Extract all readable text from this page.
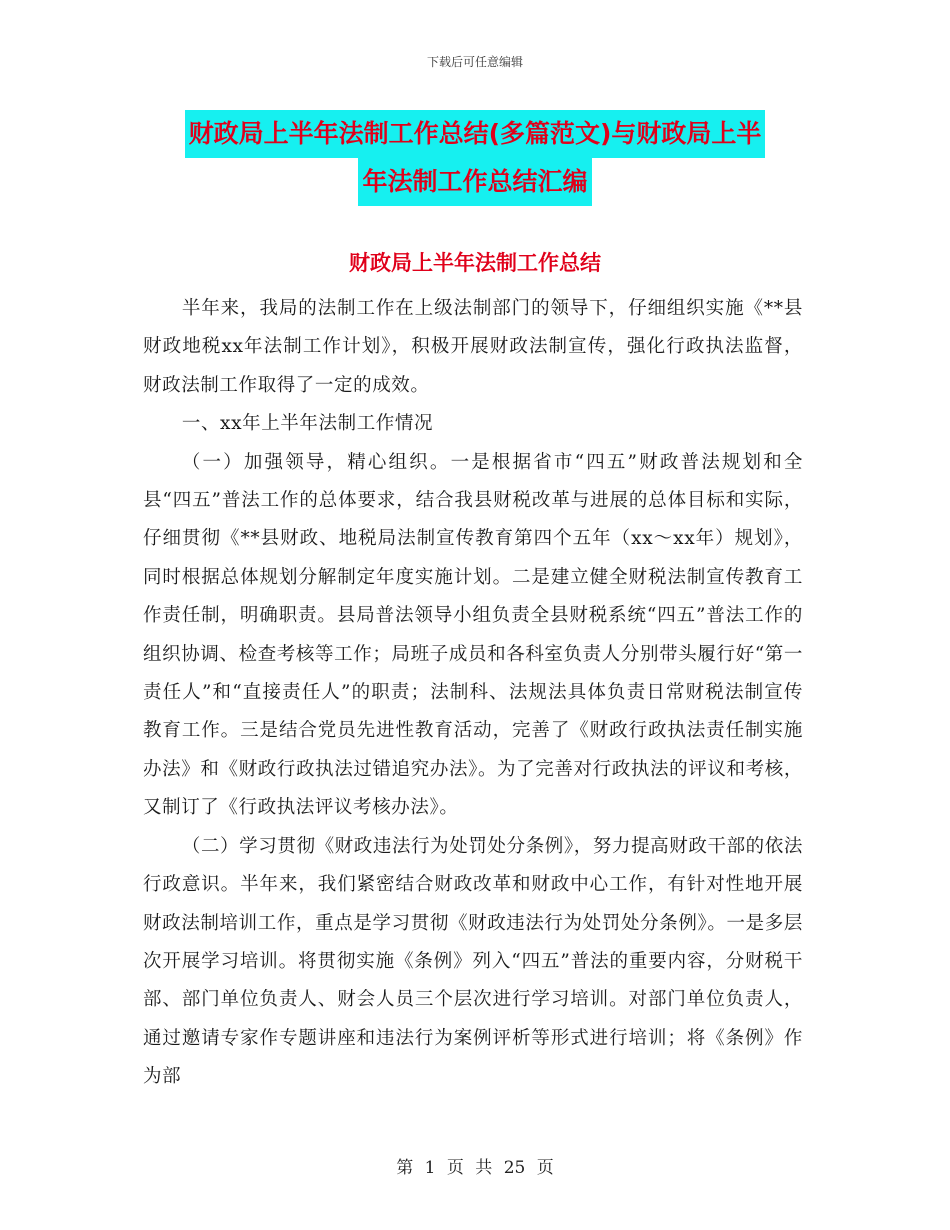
下载后可任意编辑
财政局上半年法制工作总结(多篇范文)与财政局上半
年法制工作总结汇编
财政局上半年法制工作总结

半年来，我局的法制工作在上级法制部门的领导下，仔细组织实施《**县财政地税xx年法制工作计划》，积极开展财政法制宣传，强化行政执法监督，财政法制工作取得了一定的成效。

一、xx年上半年法制工作情况

（一）加强领导，精心组织。一是根据省市“四五”财政普法规划和全县“四五”普法工作的总体要求，结合我县财税改革与进展的总体目标和实际，仔细贯彻《**县财政、地税局法制宣传教育第四个五年（xx～xx年）规划》，同时根据总体规划分解制定年度实施计划。二是建立健全财税法制宣传教育工作责任制，明确职责。县局普法领导小组负责全县财税系统“四五”普法工作的组织协调、检查考核等工作；局班子成员和各科室负责人分别带头履行好“第一责任人”和“直接责任人”的职责；法制科、法规法具体负责日常财税法制宣传教育工作。三是结合党员先进性教育活动，完善了《财政行政执法责任制实施办法》和《财政行政执法过错追究办法》。为了完善对行政执法的评议和考核，又制订了《行政执法评议考核办法》。

（二）学习贯彻《财政违法行为处罚处分条例》，努力提高财政干部的依法行政意识。半年来，我们紧密结合财政改革和财政中心工作，有针对性地开展财政法制培训工作，重点是学习贯彻《财政违法行为处罚处分条例》。一是多层次开展学习培训。将贯彻实施《条例》列入“四五”普法的重要内容，分财税干部、部门单位负责人、财会人员三个层次进行学习培训。对部门单位负责人，通过邀请专家作专题讲座和违法行为案例评析等形式进行培训；将《条例》作为部

第 1 页 共 25 页
